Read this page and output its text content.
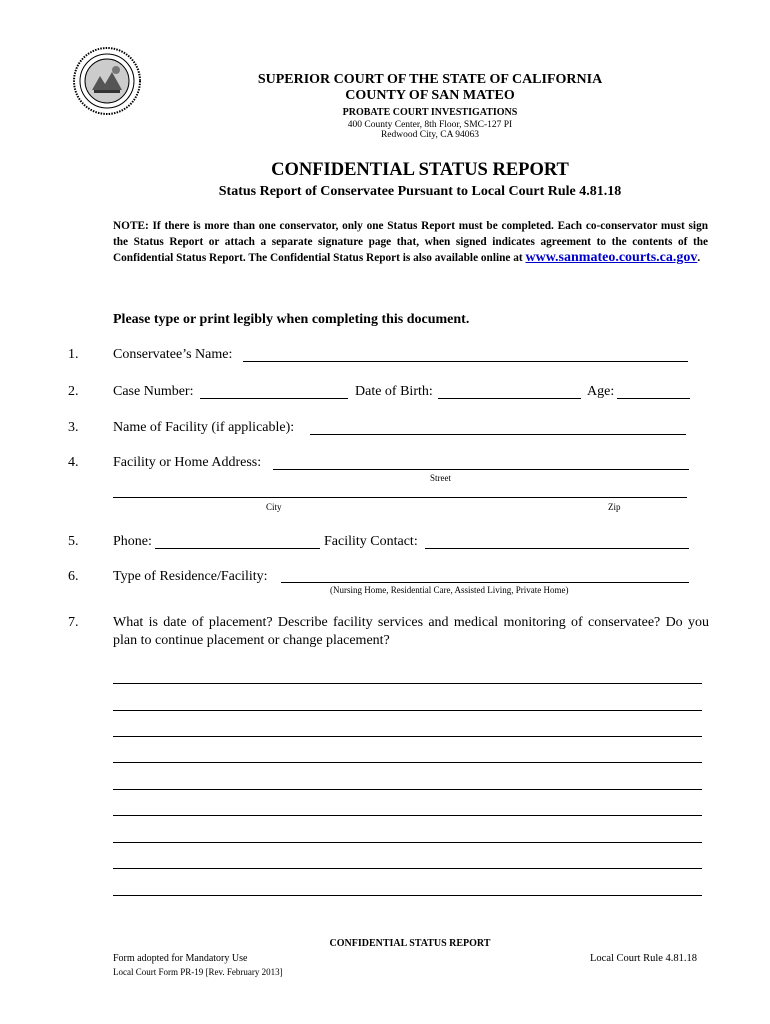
SUPERIOR COURT OF THE STATE OF CALIFORNIA
COUNTY OF SAN MATEO
PROBATE COURT INVESTIGATIONS
400 County Center, 8th Floor, SMC-127 PI
Redwood City, CA 94063
CONFIDENTIAL STATUS REPORT
Status Report of Conservatee Pursuant to Local Court Rule 4.81.18
NOTE: If there is more than one conservator, only one Status Report must be completed. Each co-conservator must sign the Status Report or attach a separate signature page that, when signed indicates agreement to the contents of the Confidential Status Report. The Confidential Status Report is also available online at www.sanmateo.courts.ca.gov.
Please type or print legibly when completing this document.
1. Conservatee’s Name:
2. Case Number:	Date of Birth:	Age:
3. Name of Facility (if applicable):
4. Facility or Home Address:
Street
City	Zip
5. Phone:	Facility Contact:
6. Type of Residence/Facility:
(Nursing Home, Residential Care, Assisted Living, Private Home)
7. What is date of placement? Describe facility services and medical monitoring of conservatee? Do you plan to continue placement or change placement?
CONFIDENTIAL STATUS REPORT
Form adopted for Mandatory Use
Local Court Form PR-19 [Rev. February 2013]
Local Court Rule 4.81.18
